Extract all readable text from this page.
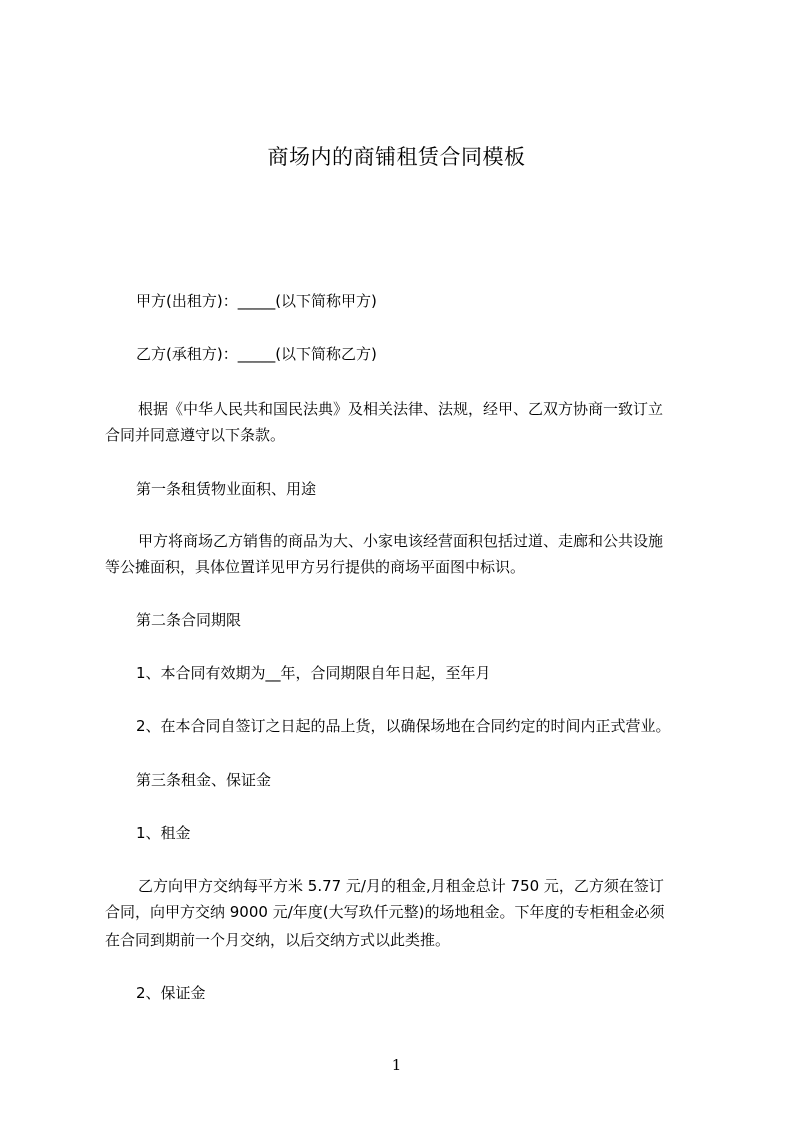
商场内的商铺租赁合同模板
甲方(出租方)：_____(以下简称甲方)
乙方(承租方)：_____(以下简称乙方)
根据《中华人民共和国民法典》及相关法律、法规，经甲、乙双方协商一致订立
合同并同意遵守以下条款。
第一条租赁物业面积、用途
甲方将商场乙方销售的商品为大、小家电该经营面积包括过道、走廊和公共设施
等公摊面积，具体位置详见甲方另行提供的商场平面图中标识。
第二条合同期限
1、本合同有效期为__年，合同期限自年日起，至年月
2、在本合同自签订之日起的品上货，以确保场地在合同约定的时间内正式营业。
第三条租金、保证金
1、租金
乙方向甲方交纳每平方米 5.77 元/月的租金,月租金总计 750 元，乙方须在签订
合同，向甲方交纳 9000 元/年度(大写玖仟元整)的场地租金。下年度的专柜租金必须
在合同到期前一个月交纳，以后交纳方式以此类推。
2、保证金
1
